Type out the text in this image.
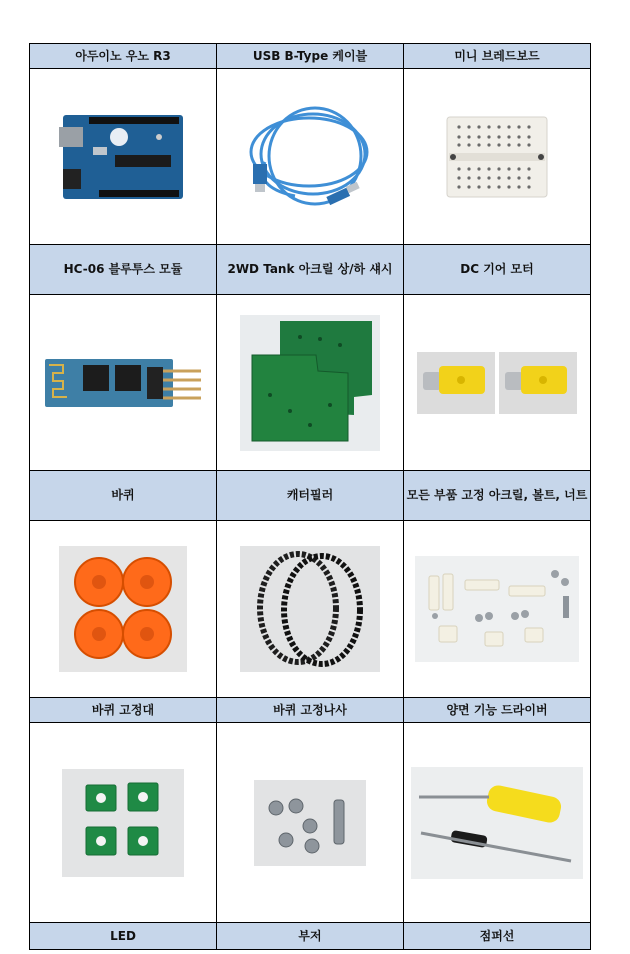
아두이노 우노 R3	USB B-Type 케이블	미니 브레드보드

HC-06 블루투스 모듈	2WD Tank 아크릴 상/하 섀시	DC 기어 모터

바퀴	캐터필러	모든 부품 고정 아크릴, 볼트, 너트

바퀴 고정대	바퀴 고정나사	양면 기능 드라이버

LED	부저	점퍼선
